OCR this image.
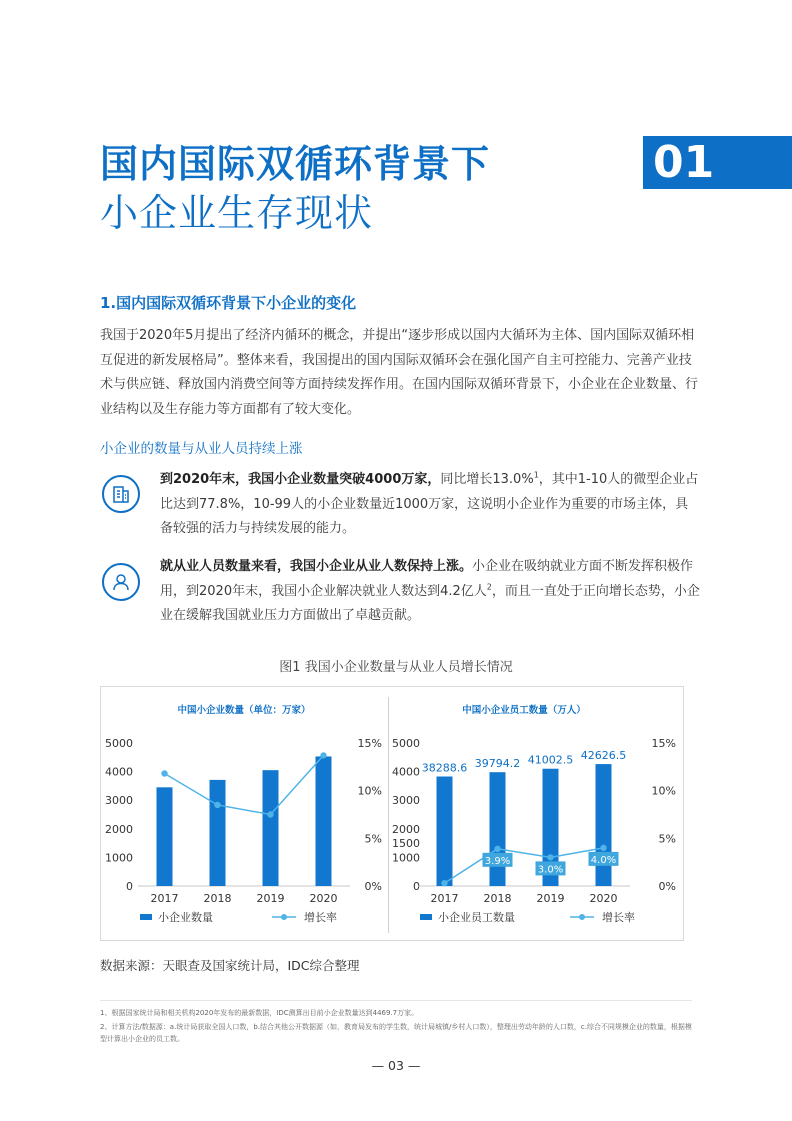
国内国际双循环背景下
小企业生存现状
01
1.国内国际双循环背景下小企业的变化
我国于2020年5月提出了经济内循环的概念，并提出“逐步形成以国内大循环为主体、国内国际双循环相互促进的新发展格局”。整体来看，我国提出的国内国际双循环会在强化国产自主可控能力、完善产业技术与供应链、释放国内消费空间等方面持续发挥作用。在国内国际双循环背景下，小企业在企业数量、行业结构以及生存能力等方面都有了较大变化。
小企业的数量与从业人员持续上涨
到2020年末，我国小企业数量突破4000万家，同比增长13.0%$^1$，其中1-10人的微型企业占比达到77.8%，10-99人的小企业数量近1000万家，这说明小企业作为重要的市场主体，具备较强的活力与持续发展的能力。
就从业人员数量来看，我国小企业从业人数保持上涨。小企业在吸纳就业方面不断发挥积极作用，到2020年末，我国小企业解决就业人数达到4.2亿人$^2$，而且一直处于正向增长态势，小企业在缓解我国就业压力方面做出了卓越贡献。
图1 我国小企业数量与从业人员增长情况
中国小企业数量（单位：万家）
0
1000
2000
3000
4000
5000
0%
5%
10%
15%
2017 2018 2019 2020
小企业数量	增长率
中国小企业员工数量（万人）
0
1000
1500
2000
3000
4000
5000
0%
5%
10%
15%
38288.6 39794.2 41002.5 42626.5
3.9%
3.0%
4.0%
2017 2018 2019 2020
小企业员工数量	增长率
数据来源：天眼查及国家统计局，IDC综合整理
1、根据国家统计局和相关机构2020年发布的最新数据，IDC测算出目前小企业数量达到4469.7万家。
2、计算方法/数据源：a.统计局获取全国人口数，b.结合其他公开数据源（如，教育局发布的学生数，统计局城镇/乡村人口数），整理出劳动年龄的人口数，c.综合不同规模企业的数量，根据模型计算出小企业的员工数。
— 03 —
